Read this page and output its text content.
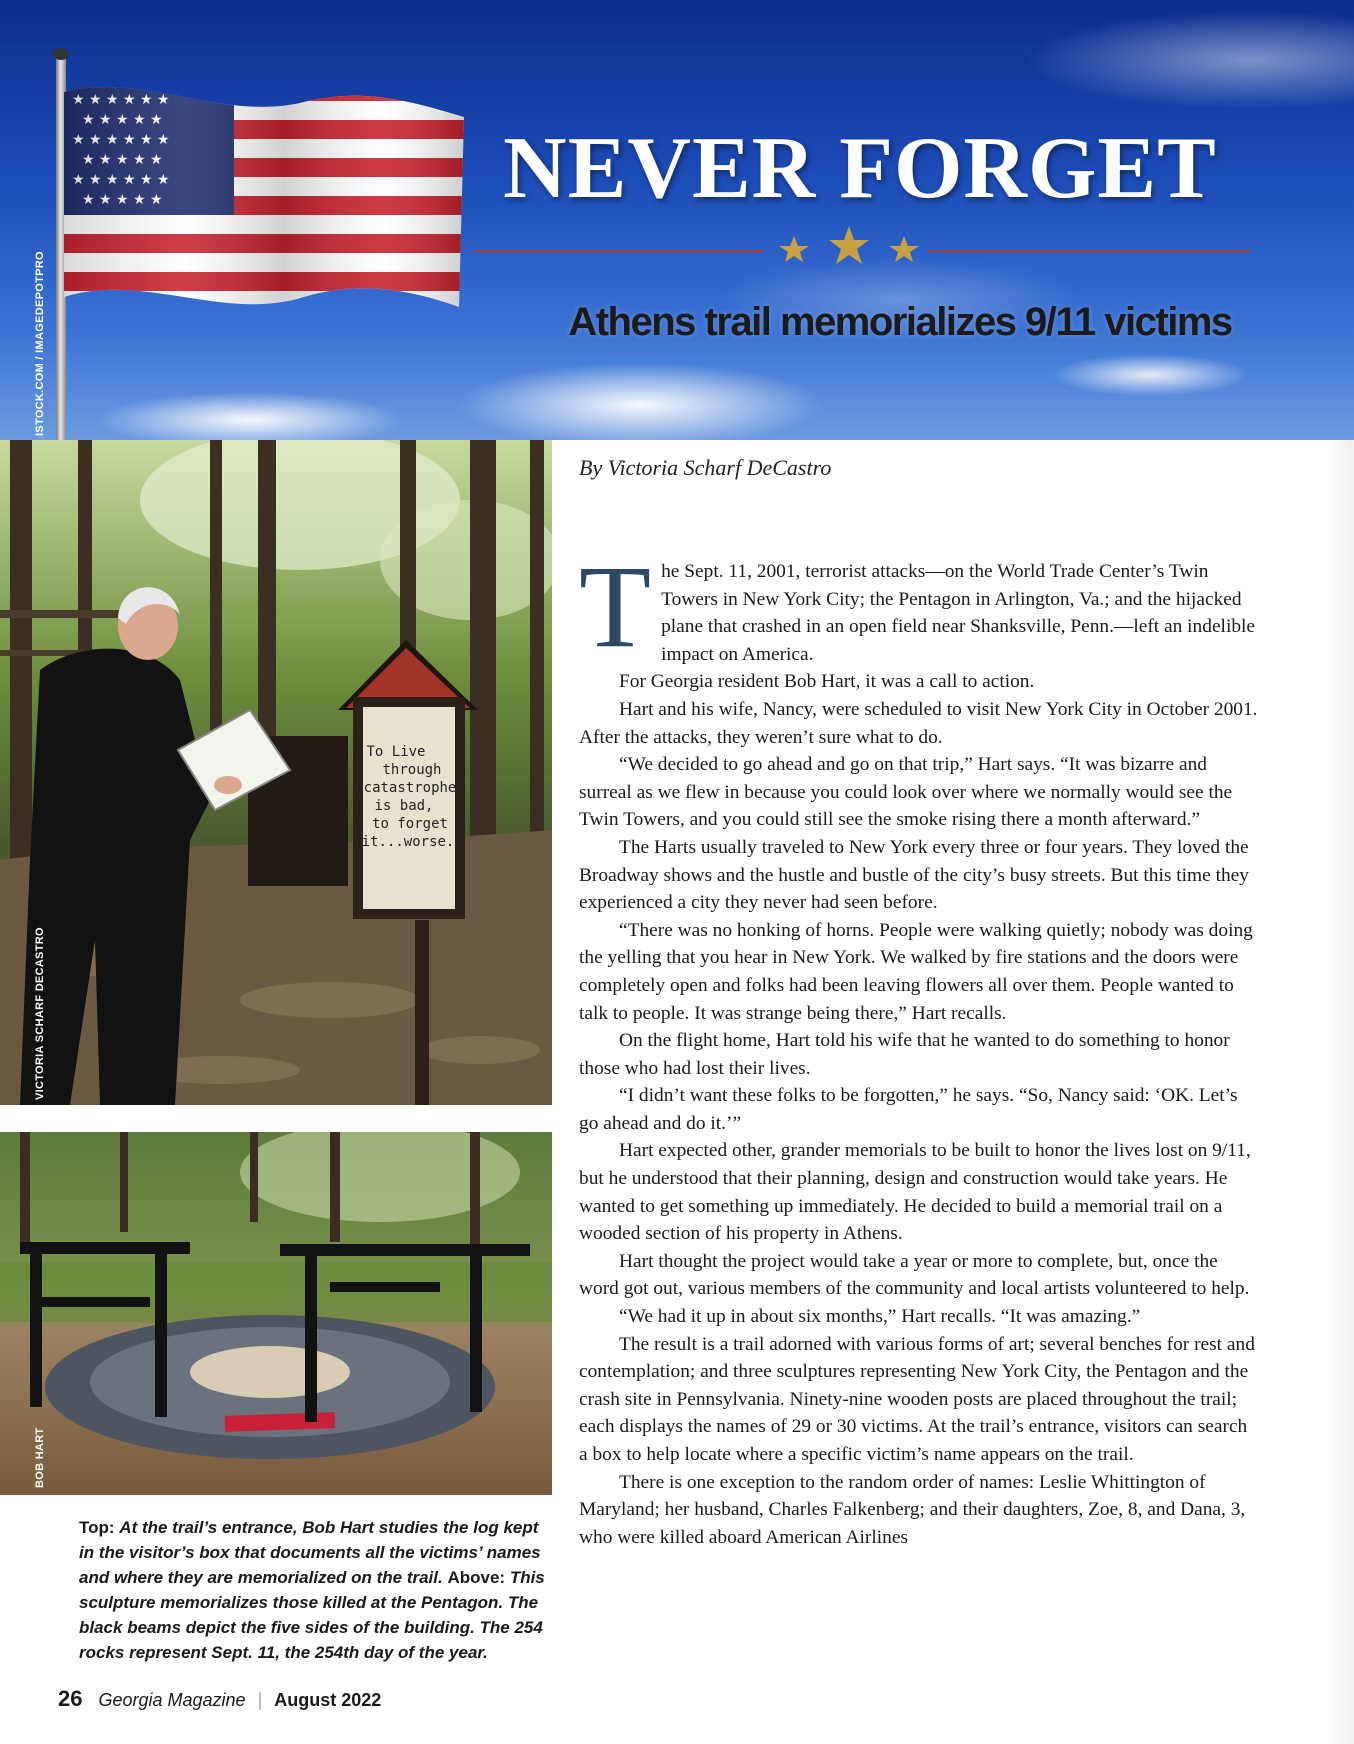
ISTOCK.COM / IMAGEDEPOTPRO
NEVER FORGET
Athens trail memorializes 9/11 victims
To Live
through
catastrophe
is bad,
to forget
it...worse.
VICTORIA SCHARF DECASTRO
BOB HART

Top: At the trail’s entrance, Bob Hart studies the log kept in the visitor’s box that documents all the victims’ names and where they are memorialized on the trail. Above: This sculpture memorializes those killed at the Pentagon. The black beams depict the five sides of the building. The 254 rocks represent Sept. 11, the 254th day of the year.

By Victoria Scharf DeCastro

The Sept. 11, 2001, terrorist attacks—on the World Trade Center’s Twin Towers in New York City; the Pentagon in Arlington, Va.; and the hijacked plane that crashed in an open field near Shanksville, Penn.—left an indelible impact on America.

For Georgia resident Bob Hart, it was a call to action.

Hart and his wife, Nancy, were scheduled to visit New York City in October 2001. After the attacks, they weren’t sure what to do.

“We decided to go ahead and go on that trip,” Hart says. “It was bizarre and surreal as we flew in because you could look over where we normally would see the Twin Towers, and you could still see the smoke rising there a month afterward.”

The Harts usually traveled to New York every three or four years. They loved the Broadway shows and the hustle and bustle of the city’s busy streets. But this time they experienced a city they never had seen before.

“There was no honking of horns. People were walking quietly; nobody was doing the yelling that you hear in New York. We walked by fire stations and the doors were completely open and folks had been leaving flowers all over them. People wanted to talk to people. It was strange being there,” Hart recalls.

On the flight home, Hart told his wife that he wanted to do something to honor those who had lost their lives.

“I didn’t want these folks to be forgotten,” he says. “So, Nancy said: ‘OK. Let’s go ahead and do it.’”

Hart expected other, grander memorials to be built to honor the lives lost on 9/11, but he understood that their planning, design and construction would take years. He wanted to get something up immediately. He decided to build a memorial trail on a wooded section of his property in Athens.

Hart thought the project would take a year or more to complete, but, once the word got out, various members of the community and local artists volunteered to help.

“We had it up in about six months,” Hart recalls. “It was amazing.”

The result is a trail adorned with various forms of art; several benches for rest and contemplation; and three sculptures representing New York City, the Pentagon and the crash site in Pennsylvania. Ninety-nine wooden posts are placed throughout the trail; each displays the names of 29 or 30 victims. At the trail’s entrance, visitors can search a box to help locate where a specific victim’s name appears on the trail.

There is one exception to the random order of names: Leslie Whittington of Maryland; her husband, Charles Falkenberg; and their daughters, Zoe, 8, and Dana, 3, who were killed aboard American Airlines

26 Georgia Magazine | August 2022
